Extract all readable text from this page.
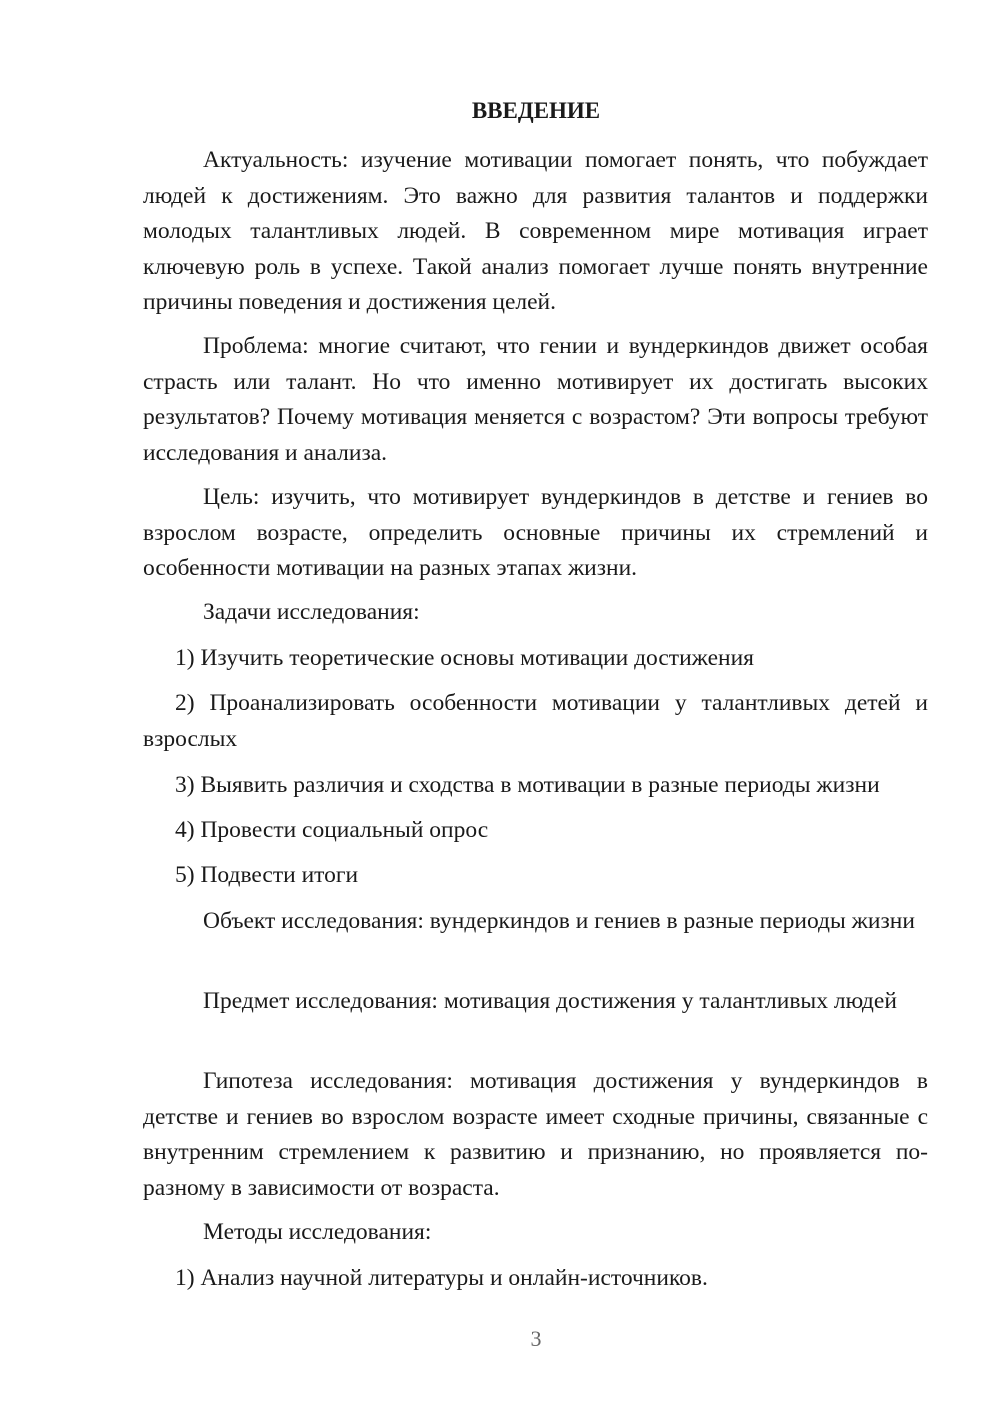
ВВЕДЕНИЕ

Актуальность: изучение мотивации помогает понять, что побуждает людей к достижениям. Это важно для развития талантов и поддержки молодых талантливых людей. В современном мире мотивация играет ключевую роль в успехе. Такой анализ помогает лучше понять внутренние причины поведения и достижения целей.

Проблема: многие считают, что гении и вундеркиндов движет особая страсть или талант. Но что именно мотивирует их достигать высоких результатов? Почему мотивация меняется с возрастом? Эти вопросы требуют исследования и анализа.

Цель: изучить, что мотивирует вундеркиндов в детстве и гениев во взрослом возрасте, определить основные причины их стремлений и особенности мотивации на разных этапах жизни.

Задачи исследования:

1) Изучить теоретические основы мотивации достижения

2) Проанализировать особенности мотивации у талантливых детей и взрослых

3) Выявить различия и сходства в мотивации в разные периоды жизни

4) Провести социальный опрос

5) Подвести итоги

Объект исследования: вундеркиндов и гениев в разные периоды жизни

Предмет исследования: мотивация достижения у талантливых людей

Гипотеза исследования: мотивация достижения у вундеркиндов в детстве и гениев во взрослом возрасте имеет сходные причины, связанные с внутренним стремлением к развитию и признанию, но проявляется по-разному в зависимости от возраста.

Методы исследования:

1) Анализ научной литературы и онлайн-источников.

3
